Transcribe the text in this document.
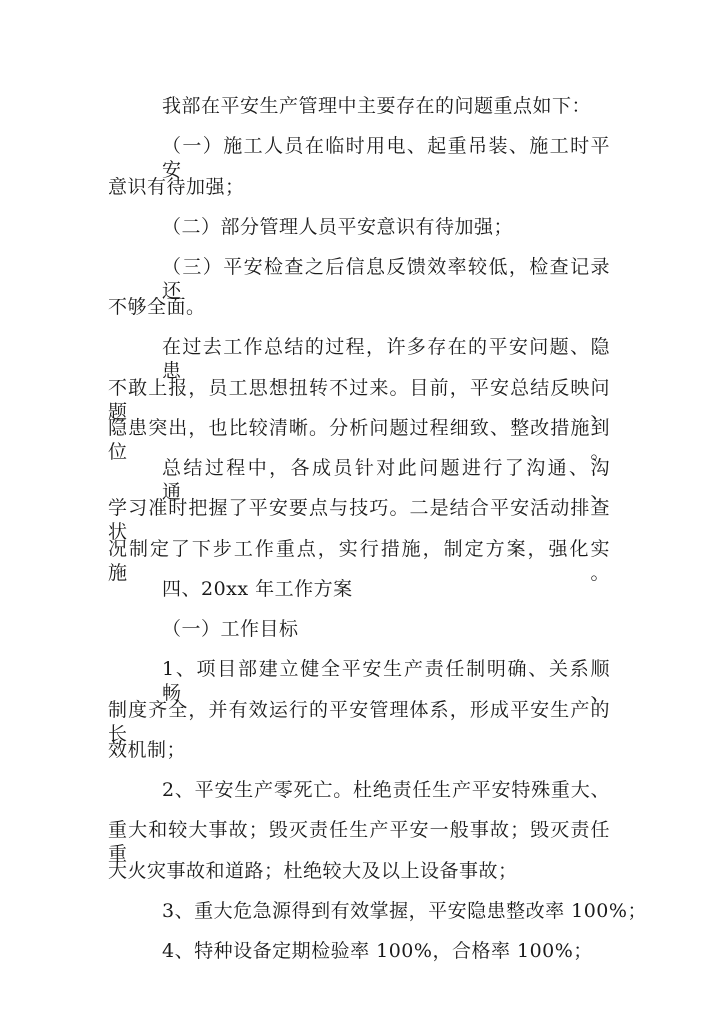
我部在平安生产管理中主要存在的问题重点如下：
（一）施工人员在临时用电、起重吊装、施工时平安
意识有待加强；
（二）部分管理人员平安意识有待加强；
（三）平安检查之后信息反馈效率较低，检查记录还
不够全面。
在过去工作总结的过程，许多存在的平安问题、隐患
不敢上报，员工思想扭转不过来。目前，平安总结反映问题、
隐患突出，也比较清晰。分析问题过程细致、整改措施到位。
总结过程中，各成员针对此问题进行了沟通、沟通、
学习准时把握了平安要点与技巧。二是结合平安活动排查状
况制定了下步工作重点，实行措施，制定方案，强化实施。
四、20xx 年工作方案
（一）工作目标
1、项目部建立健全平安生产责任制明确、关系顺畅、
制度齐全，并有效运行的平安管理体系，形成平安生产的长
效机制；
2、平安生产零死亡。杜绝责任生产平安特殊重大、
重大和较大事故；毁灭责任生产平安一般事故；毁灭责任重
大火灾事故和道路；杜绝较大及以上设备事故；
3、重大危急源得到有效掌握，平安隐患整改率 100%；
4、特种设备定期检验率 100%，合格率 100%；
